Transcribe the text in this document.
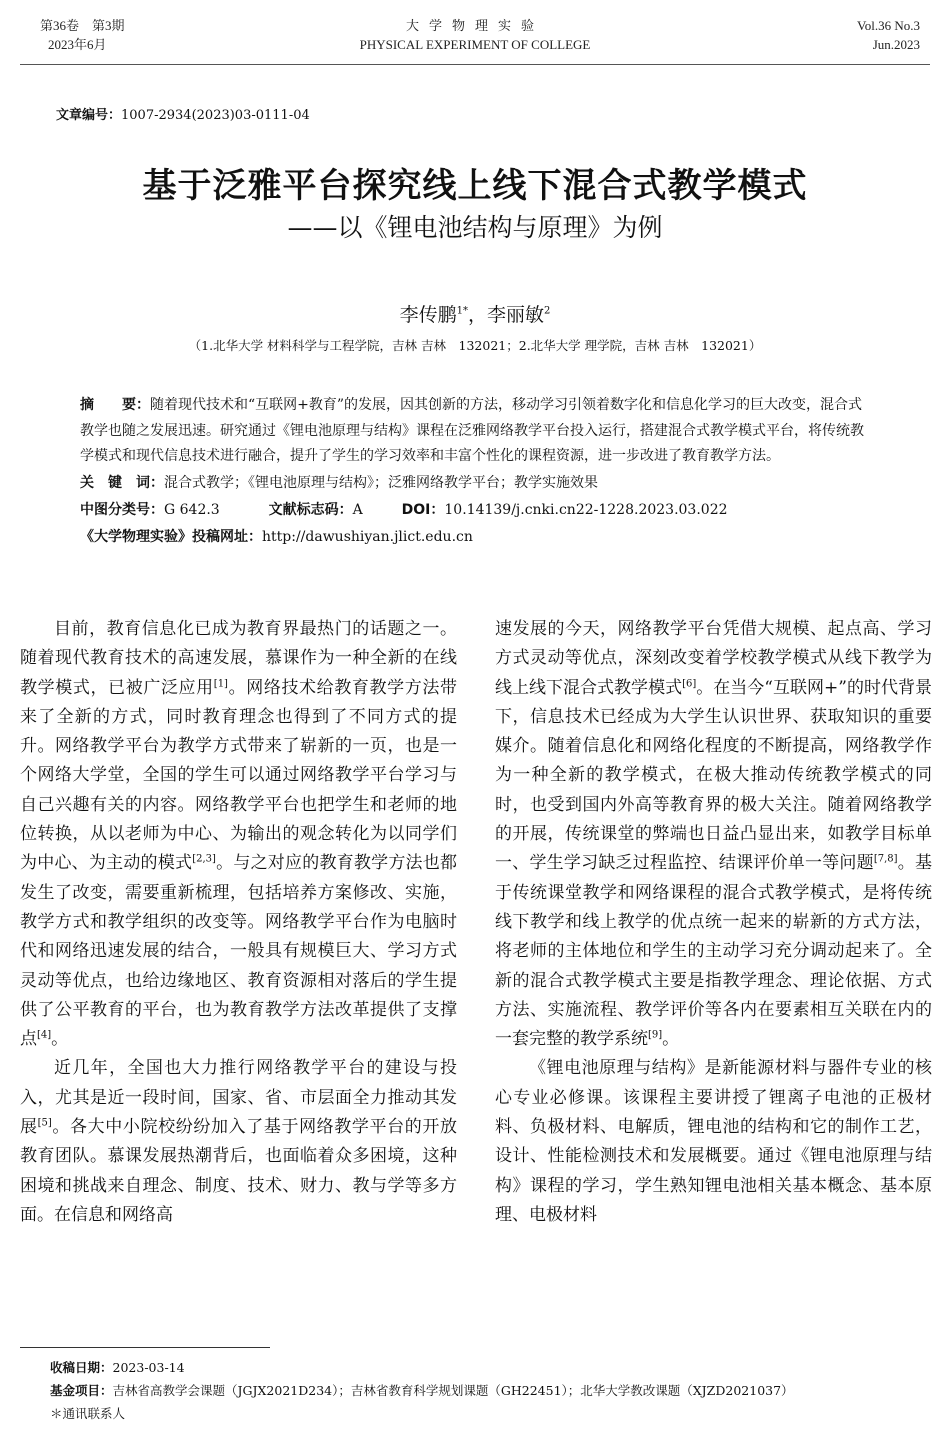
第36卷　第3期
2023年6月
大学物理实验
PHYSICAL EXPERIMENT OF COLLEGE
Vol.36 No.3
Jun.2023
文章编号：1007-2934(2023)03-0111-04
基于泛雅平台探究线上线下混合式教学模式
——以《锂电池结构与原理》为例
李传鹏$^{1*}$，李丽敏$^2$
（1.北华大学 材料科学与工程学院，吉林 吉林　132021；2.北华大学 理学院，吉林 吉林　132021）

摘　　要：随着现代技术和“互联网+教育”的发展，因其创新的方法，移动学习引领着数字化和信息化学习的巨大改变，混合式教学也随之发展迅速。研究通过《锂电池原理与结构》课程在泛雅网络教学平台投入运行，搭建混合式教学模式平台，将传统教学模式和现代信息技术进行融合，提升了学生的学习效率和丰富个性化的课程资源，进一步改进了教育教学方法。

关　键　词：混合式教学；《锂电池原理与结构》；泛雅网络教学平台；教学实施效果
中图分类号：G 642.3	文献标志码：A	DOI：10.14139/j.cnki.cn22-1228.2023.03.022
《大学物理实验》投稿网址：http://dawushiyan.jlict.edu.cn

目前，教育信息化已成为教育界最热门的话题之一。随着现代教育技术的高速发展，慕课作为一种全新的在线教学模式，已被广泛应用[1]。网络技术给教育教学方法带来了全新的方式，同时教育理念也得到了不同方式的提升。网络教学平台为教学方式带来了崭新的一页，也是一个网络大学堂，全国的学生可以通过网络教学平台学习与自己兴趣有关的内容。网络教学平台也把学生和老师的地位转换，从以老师为中心、为输出的观念转化为以同学们为中心、为主动的模式[2,3]。与之对应的教育教学方法也都发生了改变，需要重新梳理，包括培养方案修改、实施，教学方式和教学组织的改变等。网络教学平台作为电脑时代和网络迅速发展的结合，一般具有规模巨大、学习方式灵动等优点，也给边缘地区、教育资源相对落后的学生提供了公平教育的平台，也为教育教学方法改革提供了支撑点[4]。

近几年，全国也大力推行网络教学平台的建设与投入，尤其是近一段时间，国家、省、市层面全力推动其发展[5]。各大中小院校纷纷加入了基于网络教学平台的开放教育团队。慕课发展热潮背后，也面临着众多困境，这种困境和挑战来自理念、制度、技术、财力、教与学等多方面。在信息和网络高

速发展的今天，网络教学平台凭借大规模、起点高、学习方式灵动等优点，深刻改变着学校教学模式从线下教学为线上线下混合式教学模式[6]。在当今“互联网+”的时代背景下，信息技术已经成为大学生认识世界、获取知识的重要媒介。随着信息化和网络化程度的不断提高，网络教学作为一种全新的教学模式，在极大推动传统教学模式的同时，也受到国内外高等教育界的极大关注。随着网络教学的开展，传统课堂的弊端也日益凸显出来，如教学目标单一、学生学习缺乏过程监控、结课评价单一等问题[7,8]。基于传统课堂教学和网络课程的混合式教学模式，是将传统线下教学和线上教学的优点统一起来的崭新的方式方法，将老师的主体地位和学生的主动学习充分调动起来了。全新的混合式教学模式主要是指教学理念、理论依据、方式方法、实施流程、教学评价等各内在要素相互关联在内的一套完整的教学系统[9]。

《锂电池原理与结构》是新能源材料与器件专业的核心专业必修课。该课程主要讲授了锂离子电池的正极材料、负极材料、电解质，锂电池的结构和它的制作工艺，设计、性能检测技术和发展概要。通过《锂电池原理与结构》课程的学习，学生熟知锂电池相关基本概念、基本原理、电极材料

收稿日期：2023-03-14
基金项目：吉林省高教学会课题（JGJX2021D234）；吉林省教育科学规划课题（GH22451）；北华大学教改课题（XJZD2021037）
＊通讯联系人
